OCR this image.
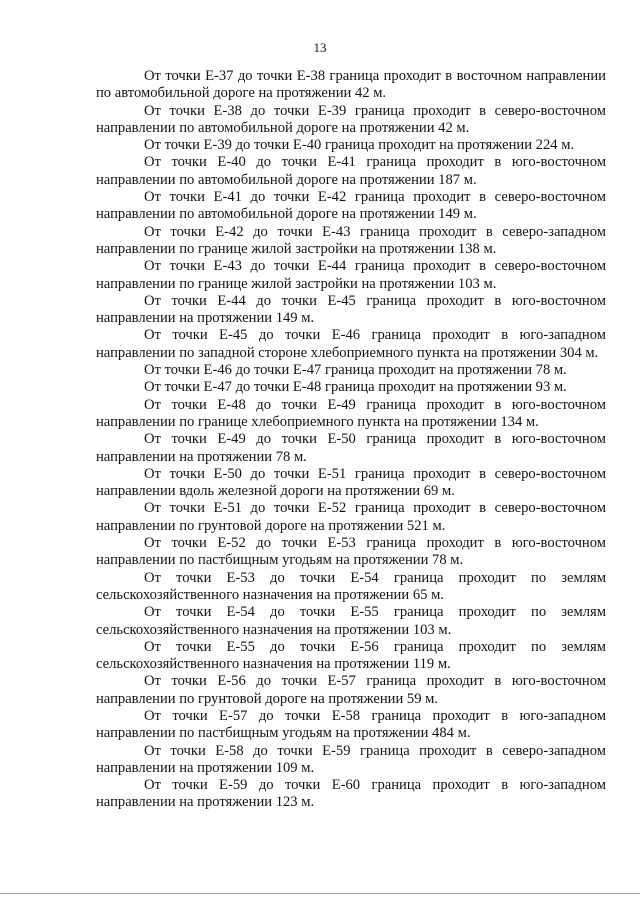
13

От точки Е-37 до точки Е-38 граница проходит в восточном направлении по автомобильной дороге на протяжении 42 м.

От точки Е-38 до точки Е-39 граница проходит в северо-восточном направлении по автомобильной дороге на протяжении 42 м.

От точки Е-39 до точки Е-40 граница проходит на протяжении 224 м.

От точки Е-40 до точки Е-41 граница проходит в юго-восточном направлении по автомобильной дороге на протяжении 187 м.

От точки Е-41 до точки Е-42 граница проходит в северо-восточном направлении по автомобильной дороге на протяжении 149 м.

От точки Е-42 до точки Е-43 граница проходит в северо-западном направлении по границе жилой застройки на протяжении 138 м.

От точки Е-43 до точки Е-44 граница проходит в северо-восточном направлении по границе жилой застройки на протяжении 103 м.

От точки Е-44 до точки Е-45 граница проходит в юго-восточном направлении на протяжении 149 м.

От точки Е-45 до точки Е-46 граница проходит в юго-западном направлении по западной стороне хлебоприемного пункта на протяжении 304 м.

От точки Е-46 до точки Е-47 граница проходит на протяжении 78 м.

От точки Е-47 до точки Е-48 граница проходит на протяжении 93 м.

От точки Е-48 до точки Е-49 граница проходит в юго-восточном направлении по границе хлебоприемного пункта на протяжении 134 м.

От точки Е-49 до точки Е-50 граница проходит в юго-восточном направлении на протяжении 78 м.

От точки Е-50 до точки Е-51 граница проходит в северо-восточном направлении вдоль железной дороги на протяжении 69 м.

От точки Е-51 до точки Е-52 граница проходит в северо-восточном направлении по грунтовой дороге на протяжении 521 м.

От точки Е-52 до точки Е-53 граница проходит в юго-восточном направлении по пастбищным угодьям на протяжении 78 м.

От точки Е-53 до точки Е-54 граница проходит по землям сельскохозяйственного назначения на протяжении 65 м.

От точки Е-54 до точки Е-55 граница проходит по землям сельскохозяйственного назначения на протяжении 103 м.

От точки Е-55 до точки Е-56 граница проходит по землям сельскохозяйственного назначения на протяжении 119 м.

От точки Е-56 до точки Е-57 граница проходит в юго-восточном направлении по грунтовой дороге на протяжении 59 м.

От точки Е-57 до точки Е-58 граница проходит в юго-западном направлении по пастбищным угодьям на протяжении 484 м.

От точки Е-58 до точки Е-59 граница проходит в северо-западном направлении на протяжении 109 м.

От точки Е-59 до точки Е-60 граница проходит в юго-западном направлении на протяжении 123 м.
